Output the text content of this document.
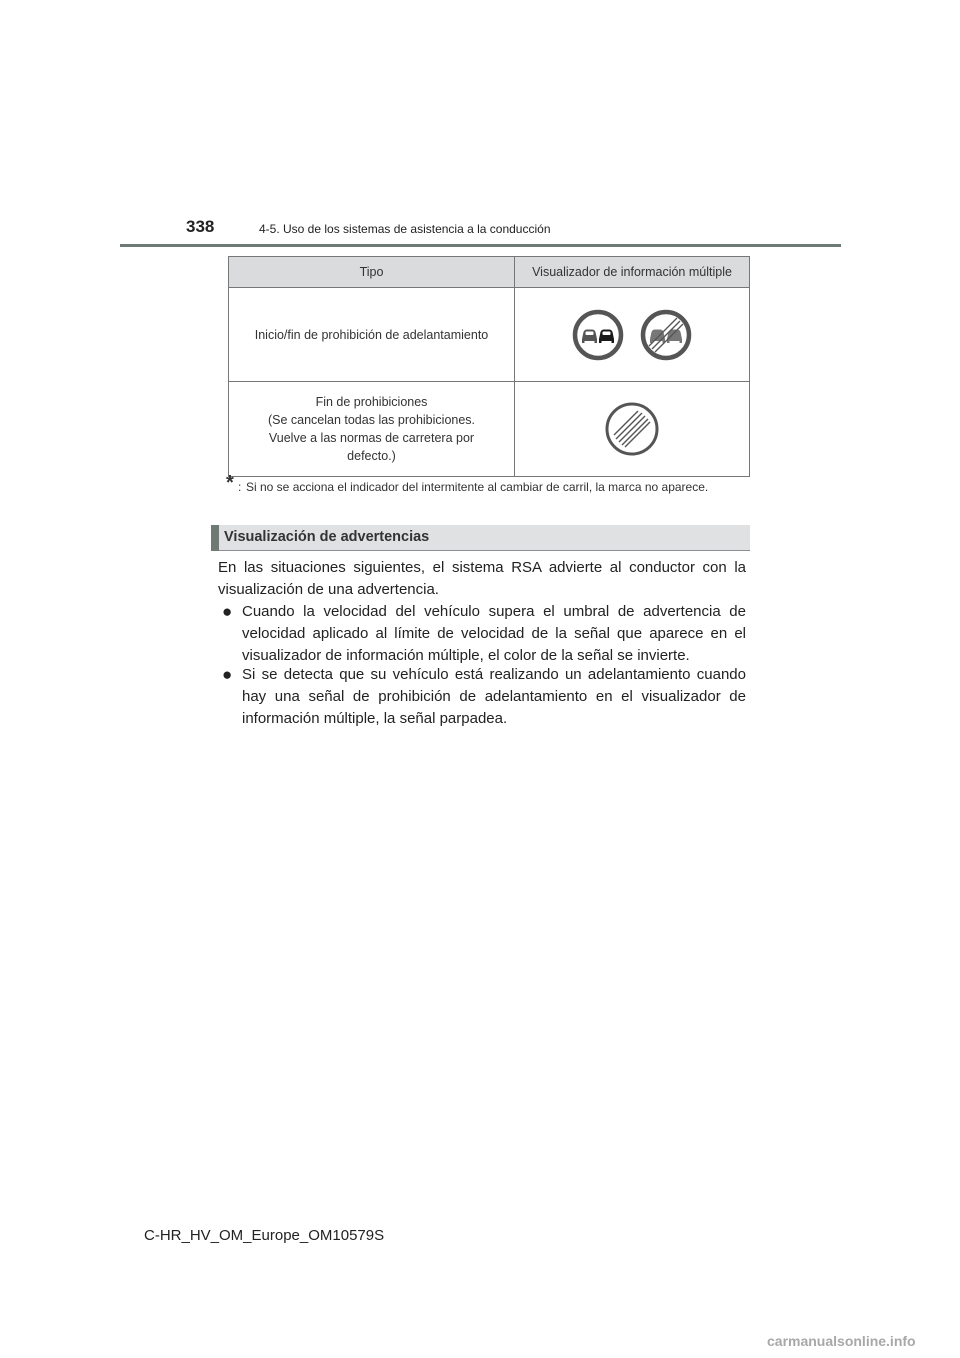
338	4-5. Uso de los sistemas de asistencia a la conducción
Tipo	Visualizador de información múltiple
Inicio/fin de prohibición de adelantamiento	

Fin de prohibiciones
(Se cancelan todas las prohibiciones.
Vuelve a las normas de carretera por
defecto.)

* : Si no se acciona el indicador del intermitente al cambiar de carril, la marca no aparece.
Visualización de advertencias
En las situaciones siguientes, el sistema RSA advierte al conductor con la visualización de una advertencia.
● Cuando la velocidad del vehículo supera el umbral de advertencia de velocidad aplicado al límite de velocidad de la señal que aparece en el visualizador de información múltiple, el color de la señal se invierte.
● Si se detecta que su vehículo está realizando un adelantamiento cuando hay una señal de prohibición de adelantamiento en el visualizador de información múltiple, la señal parpadea.
C-HR_HV_OM_Europe_OM10579S
carmanualsonline.info
